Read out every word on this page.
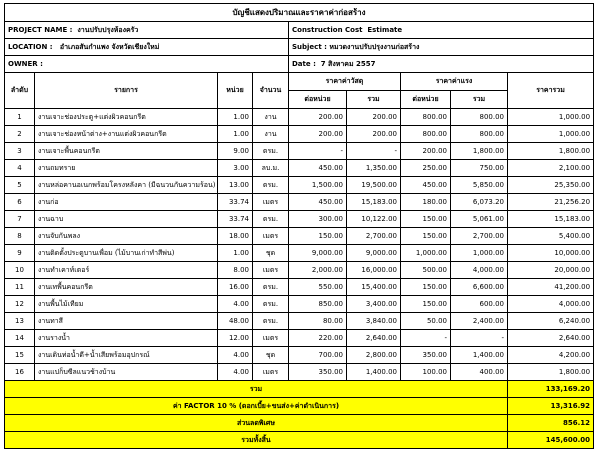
บัญชีแสดงปริมาณและราคาค่าก่อสร้าง								
PROJECT NAME : งานปรับปรุงห้องครัว				Construction Cost Estimate				
LOCATION : อำเภอสันกำแพง จังหวัดเชียงใหม่				Subject : หมวดงานปรับปรุงงานก่อสร้าง				
OWNER :				Date : 7 สิงหาคม 2557				
ลำดับ	รายการ	หน่วย	จำนวน	ราคาค่าวัสดุ		ราคาค่าแรง		ราคารวม
				ต่อหน่วย	รวม	ต่อหน่วย	รวม	
1	งานเจาะช่องประตู+แต่งผิวคอนกรีต	1.00	งาน	200.00	200.00	800.00	800.00	1,000.00
2	งานเจาะช่องหน้าต่าง+งานแต่งผิวคอนกรีต	1.00	งาน	200.00	200.00	800.00	800.00	1,000.00
3	งานเจาะพื้นคอนกรีต	9.00	ตรม.	-	-	200.00	1,800.00	1,800.00
4	งานถมทราย	3.00	ลบ.ม.	450.00	1,350.00	250.00	750.00	2,100.00
5	งานหล่อคานอเนกพร้อมโครงหลังคา (มีฉนวนกันความร้อน)	13.00	ตรม.	1,500.00	19,500.00	450.00	5,850.00	25,350.00
6	งานก่อ	33.74	เมตร	450.00	15,183.00	180.00	6,073.20	21,256.20
7	งานฉาบ	33.74	ตรม.	300.00	10,122.00	150.00	5,061.00	15,183.00
8	งานจับกันพลง	18.00	เมตร	150.00	2,700.00	150.00	2,700.00	5,400.00
9	งานติดตั้งประตูบานเพื่อม (ไม้บานเก่าทำสีพ่น)	1.00	ชุด	9,000.00	9,000.00	1,000.00	1,000.00	10,000.00
10	งานทำเคาท์เตอร์	8.00	เมตร	2,000.00	16,000.00	500.00	4,000.00	20,000.00
11	งานเทพื้นคอนกรีต	16.00	ตรม.	550.00	15,400.00	150.00	6,600.00	41,200.00
12	งานพื้นไม้เทียม	4.00	ตรม.	850.00	3,400.00	150.00	600.00	4,000.00
13	งานทาสี	48.00	ตรม.	80.00	3,840.00	50.00	2,400.00	6,240.00
14	งานรางน้ำ	12.00	เมตร	220.00	2,640.00	-	-	2,640.00
15	งานเดินท่อน้ำดี+น้ำเสียพร้อมอุปกรณ์	4.00	ชุด	700.00	2,800.00	350.00	1,400.00	4,200.00
16	งานแปก็บซีลแนวช้างบ้าน	4.00	เมตร	350.00	1,400.00	100.00	400.00	1,800.00
รวม								133,169.20
ค่า FACTOR 10 % (ดอกเบี้ย+ขนส่ง+ค่าดำเนินการ)								13,316.92
ส่วนลดพิเศษ								856.12
รวมทั้งสิ้น								145,600.00
